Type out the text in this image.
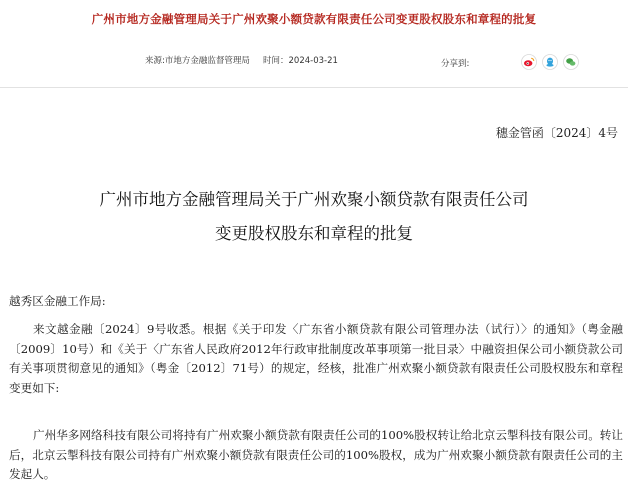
广州市地方金融管理局关于广州欢聚小额贷款有限责任公司变更股权股东和章程的批复
来源:市地方金融监督管理局 时间：2024-03-21	分享到:
穗金管函〔2024〕4号
广州市地方金融管理局关于广州欢聚小额贷款有限责任公司
变更股权股东和章程的批复
越秀区金融工作局:
来文越金融〔2024〕9号收悉。根据《关于印发〈广东省小额贷款有限公司管理办法（试行）〉的通知》（粤金融〔2009〕10号）和《关于〈广东省人民政府2012年行政审批制度改革事项第一批目录〉中融资担保公司小额贷款公司有关事项贯彻意见的通知》（粤金〔2012〕71号）的规定，经核，批准广州欢聚小额贷款有限责任公司股权股东和章程变更如下:
广州华多网络科技有限公司将持有广州欢聚小额贷款有限责任公司的100%股权转让给北京云掣科技有限公司。转让后，北京云掣科技有限公司持有广州欢聚小额贷款有限责任公司的100%股权，成为广州欢聚小额贷款有限责任公司的主发起人。
